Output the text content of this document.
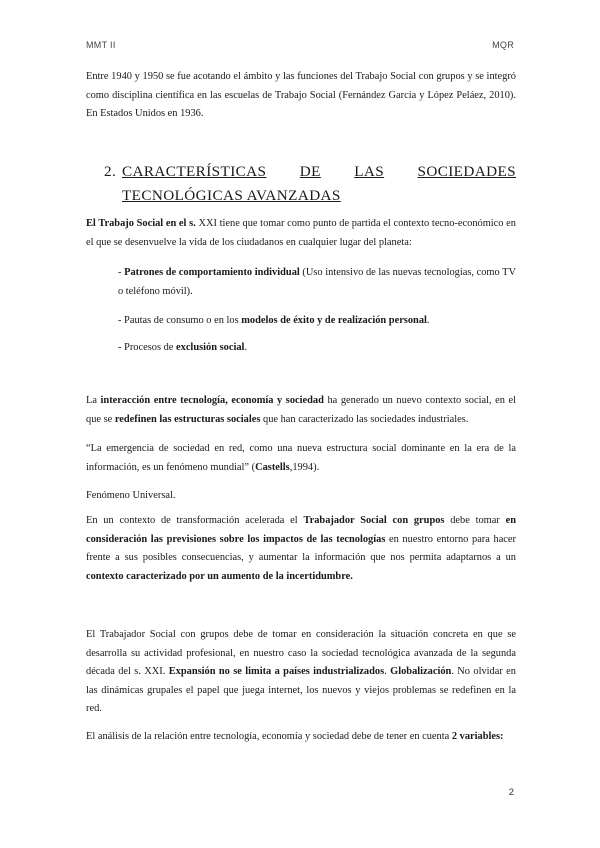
MMT II	MQR
Entre 1940 y 1950 se fue acotando el ámbito y las funciones del Trabajo Social con grupos y se integró como disciplina científica en las escuelas de Trabajo Social (Fernández García y López Peláez, 2010). En Estados Unidos en 1936.
2. CARACTERÍSTICAS DE LAS SOCIEDADES
TECNOLÓGICAS AVANZADAS
El Trabajo Social en el s. XXI tiene que tomar como punto de partida el contexto tecno-económico en el que se desenvuelve la vida de los ciudadanos en cualquier lugar del planeta:
- Patrones de comportamiento individual (Uso intensivo de las nuevas tecnologías, como TV o teléfono móvil).
- Pautas de consumo o en los modelos de éxito y de realización personal.
- Procesos de exclusión social.
La interacción entre tecnología, economía y sociedad ha generado un nuevo contexto social, en el que se redefinen las estructuras sociales que han caracterizado las sociedades industriales.
“La emergencia de sociedad en red, como una nueva estructura social dominante en la era de la información, es un fenómeno mundial” (Castells,1994).
Fenómeno Universal.
En un contexto de transformación acelerada el Trabajador Social con grupos debe tomar en consideración las previsiones sobre los impactos de las tecnologías en nuestro entorno para hacer frente a sus posibles consecuencias, y aumentar la información que nos permita adaptarnos a un contexto caracterizado por un aumento de la incertidumbre.
El Trabajador Social con grupos debe de tomar en consideración la situación concreta en que se desarrolla su actividad profesional, en nuestro caso la sociedad tecnológica avanzada de la segunda década del s. XXI. Expansión no se limita a países industrializados. Globalización. No olvidar en las dinámicas grupales el papel que juega internet, los nuevos y viejos problemas se redefinen en la red.
El análisis de la relación entre tecnología, economía y sociedad debe de tener en cuenta 2 variables:
2
